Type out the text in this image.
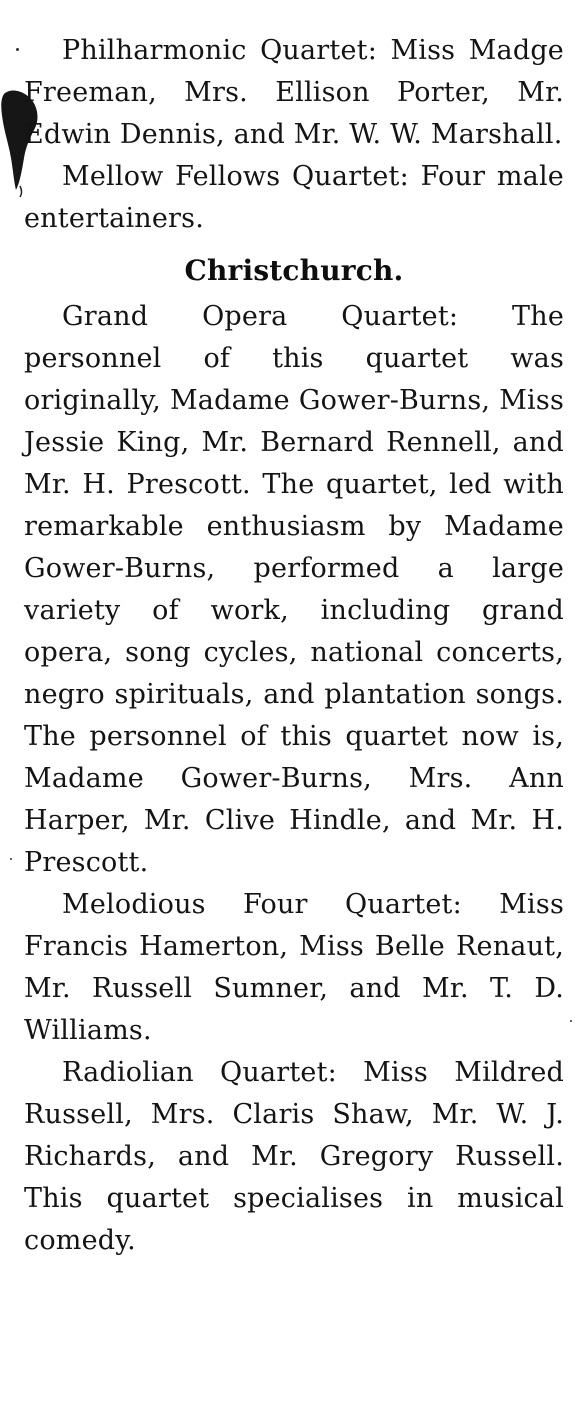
Philharmonic Quartet: Miss Madge Freeman, Mrs. Ellison Porter, Mr. Edwin Dennis, and Mr. W. W. Marshall.

Mellow Fellows Quartet: Four male entertainers.

Christchurch.

Grand Opera Quartet: The personnel of this quartet was originally, Madame Gower-Burns, Miss Jessie King, Mr. Bernard Rennell, and Mr. H. Prescott. The quartet, led with remarkable enthusiasm by Madame Gower-Burns, performed a large variety of work, including grand opera, song cycles, national concerts, negro spirituals, and plantation songs. The personnel of this quartet now is, Madame Gower-Burns, Mrs. Ann Harper, Mr. Clive Hindle, and Mr. H. Prescott.

Melodious Four Quartet: Miss Francis Hamerton, Miss Belle Renaut, Mr. Russell Sumner, and Mr. T. D. Williams.

Radiolian Quartet: Miss Mildred Russell, Mrs. Claris Shaw, Mr. W. J. Richards, and Mr. Gregory Russell. This quartet specialises in musical comedy.
